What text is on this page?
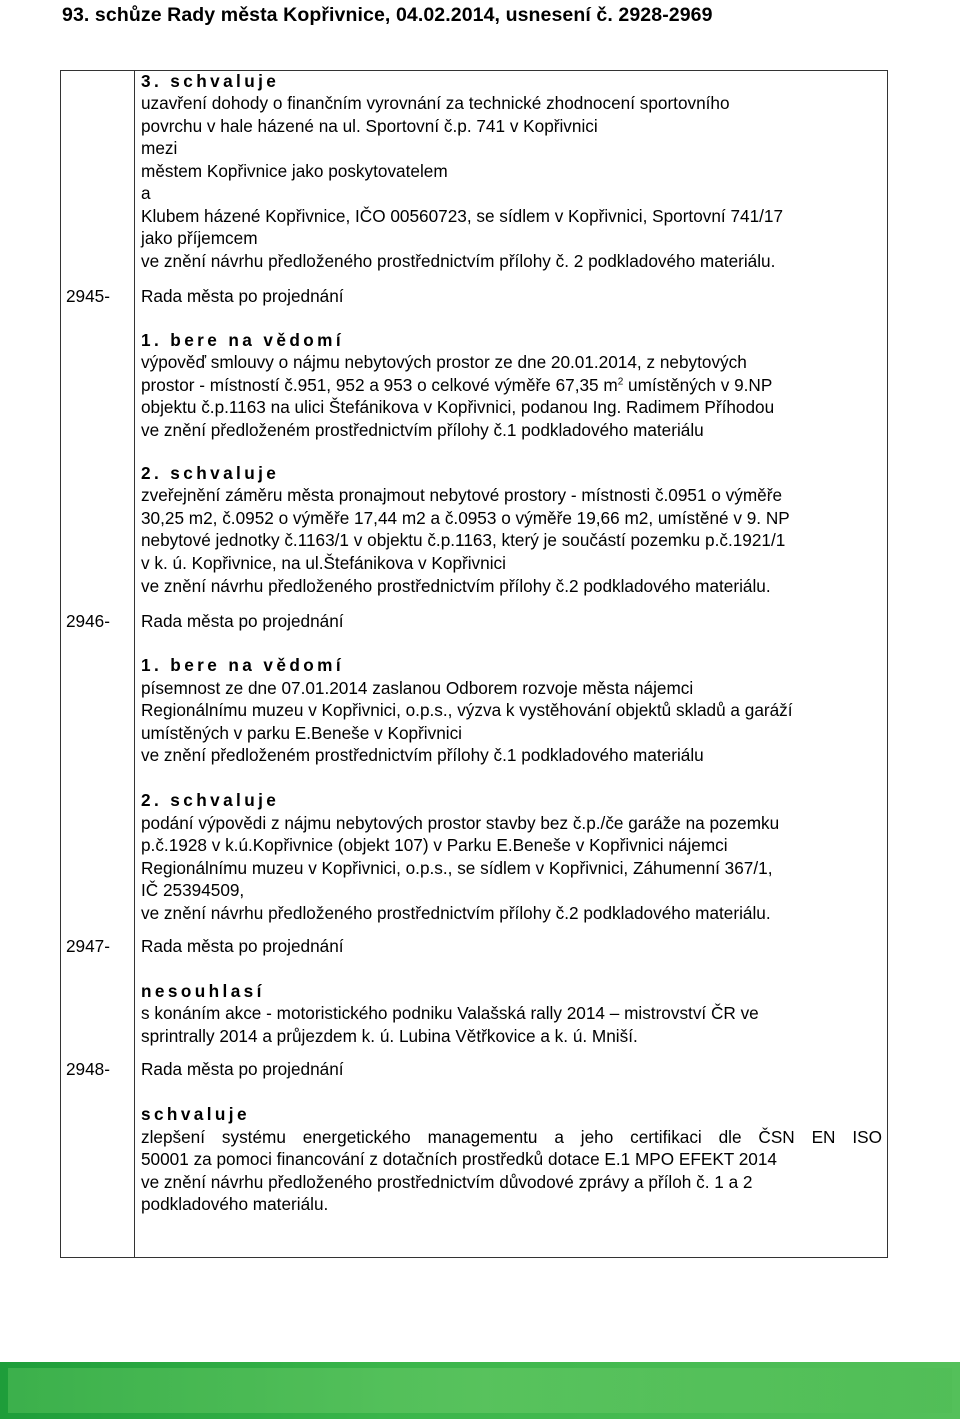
93. schůze Rady města Kopřivnice, 04.02.2014, usnesení č. 2928-2969
3. schvaluje
uzavření dohody o finančním vyrovnání za technické zhodnocení sportovního
povrchu v hale házené na ul. Sportovní č.p. 741 v Kopřivnici
mezi
městem Kopřivnice jako poskytovatelem
a
Klubem házené Kopřivnice, IČO 00560723, se sídlem v Kopřivnici, Sportovní 741/17
jako příjemcem
ve znění návrhu předloženého prostřednictvím přílohy č. 2 podkladového materiálu.
2945- Rada města po projednání
1. bere na vědomí
výpověď smlouvy o nájmu nebytových prostor ze dne 20.01.2014, z nebytových
prostor - místností č.951, 952 a 953 o celkové výměře 67,35 $m^2$ umístěných v 9.NP
objektu č.p.1163 na ulici Štefánikova v Kopřivnici, podanou Ing. Radimem Příhodou
ve znění předloženém prostřednictvím přílohy č.1 podkladového materiálu
2. schvaluje
zveřejnění záměru města pronajmout nebytové prostory - místnosti č.0951 o výměře
30,25 m2, č.0952 o výměře 17,44 m2 a č.0953 o výměře 19,66 m2, umístěné v 9. NP
nebytové jednotky č.1163/1 v objektu č.p.1163, který je součástí pozemku p.č.1921/1
v k. ú. Kopřivnice, na ul.Štefánikova v Kopřivnici
ve znění návrhu předloženého prostřednictvím přílohy č.2 podkladového materiálu.
2946- Rada města po projednání
1. bere na vědomí
písemnost ze dne 07.01.2014 zaslanou Odborem rozvoje města nájemci
Regionálnímu muzeu v Kopřivnici, o.p.s., výzva k vystěhování objektů skladů a garáží
umístěných v parku E.Beneše v Kopřivnici
ve znění předloženém prostřednictvím přílohy č.1 podkladového materiálu
2. schvaluje
podání výpovědi z nájmu nebytových prostor stavby bez č.p./če garáže na pozemku
p.č.1928 v k.ú.Kopřivnice (objekt 107) v Parku E.Beneše v Kopřivnici nájemci
Regionálnímu muzeu v Kopřivnici, o.p.s., se sídlem v Kopřivnici, Záhumenní 367/1,
IČ 25394509,
ve znění návrhu předloženého prostřednictvím přílohy č.2 podkladového materiálu.
2947- Rada města po projednání
nesouhlasí
s konáním akce - motoristického podniku Valašská rally 2014 – mistrovství ČR ve
sprintrally 2014 a průjezdem k. ú. Lubina Větřkovice a k. ú. Mniší.
2948- Rada města po projednání
schvaluje
zlepšení systému energetického managementu a jeho certifikaci dle ČSN EN ISO
50001 za pomoci financování z dotačních prostředků dotace E.1 MPO EFEKT 2014
ve znění návrhu předloženého prostřednictvím důvodové zprávy a příloh č. 1 a 2
podkladového materiálu.
